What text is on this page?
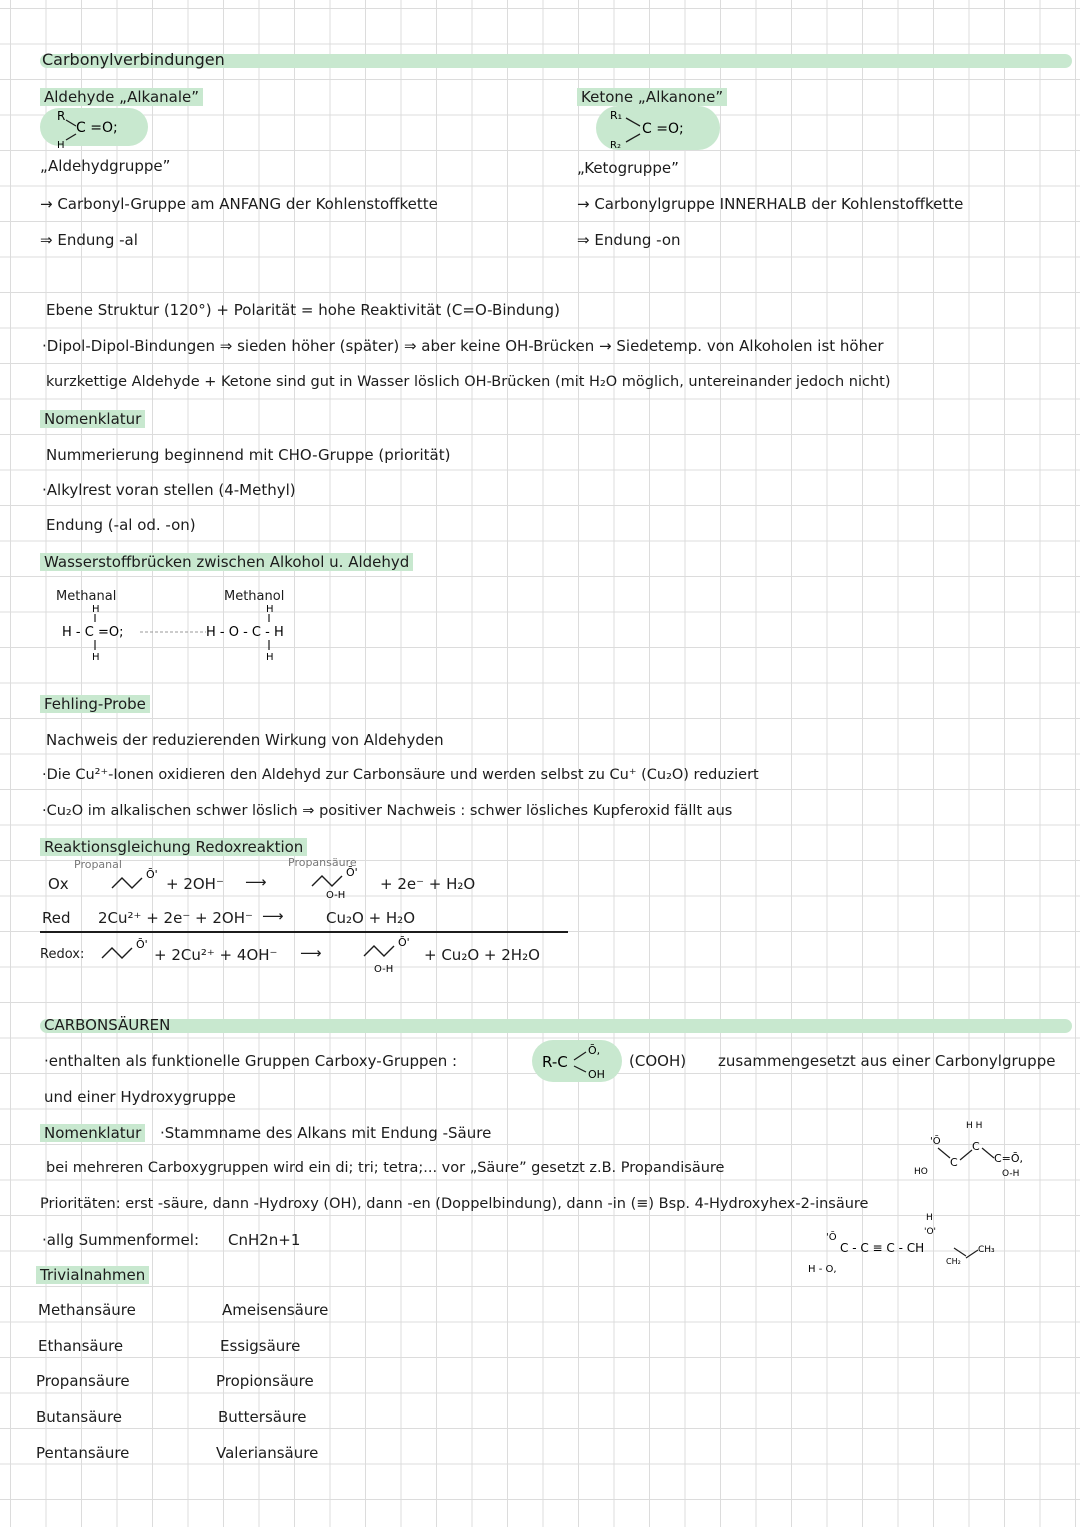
Carbonylverbindungen
Aldehyde „Alkanale”
R
C =O;
H
„Aldehydgruppe”
→ Carbonyl-Gruppe am ANFANG der Kohlenstoffkette
⇒ Endung -al
Ketone „Alkanone”
R₁
C =O;
R₂
„Ketogruppe”
→ Carbonylgruppe INNERHALB der Kohlenstoffkette
⇒ Endung -on
Ebene Struktur (120°) + Polarität = hohe Reaktivität (C=O-Bindung)
·Dipol-Dipol-Bindungen ⇒ sieden höher (später) ⇒ aber keine OH-Brücken → Siedetemp. von Alkoholen ist höher
kurzkettige Aldehyde + Ketone sind gut in Wasser löslich OH-Brücken (mit H₂O möglich, untereinander jedoch nicht)
Nomenklatur
Nummerierung beginnend mit CHO-Gruppe (priorität)
·Alkylrest voran stellen (4-Methyl)
Endung (-al od. -on)
Wasserstoffbrücken zwischen Alkohol u. Aldehyd
Methanal	Methanol
H
H - C =O;
H
H
H - O - C - H
H
Fehling-Probe
Nachweis der reduzierenden Wirkung von Aldehyden
·Die Cu²⁺-Ionen oxidieren den Aldehyd zur Carbonsäure und werden selbst zu Cu⁺ (Cu₂O) reduziert
·Cu₂O im alkalischen schwer löslich ⇒ positiver Nachweis : schwer lösliches Kupferoxid fällt aus
Reaktionsgleichung Redoxreaktion
Propanal	Propansäure
Ox
Ō'
+ 2OH⁻ ⟶
Ō'
O-H
+ 2e⁻ + H₂O
Red 2Cu²⁺ + 2e⁻ + 2OH⁻ ⟶	Cu₂O + H₂O
Redox:
Ō'
+ 2Cu²⁺ + 4OH⁻ ⟶
Ō'
O-H
+ Cu₂O + 2H₂O
CARBONSÄUREN
·enthalten als funktionelle Gruppen Carboxy-Gruppen :	R-C
Ō,
OH
(COOH) zusammengesetzt aus einer Carbonylgruppe
und einer Hydroxygruppe
Nomenklatur ·Stammname des Alkans mit Endung -Säure
bei mehreren Carboxygruppen wird ein di; tri; tetra;... vor „Säure” gesetzt z.B. Propandisäure
H H
'Ō
C
C
C=Ō,
HO	O-H
Prioritäten: erst -säure, dann -Hydroxy (OH), dann -en (Doppelbindung), dann -in (≡) Bsp. 4-Hydroxyhex-2-insäure
H
'O'
'Ō
C - C ≡ C - CH
CH₂
CH₃
H - O,
·allg Summenformel: CnH2n+1
Trivialnahmen
Methansäure	Ameisensäure
Ethansäure	Essigsäure
Propansäure	Propionsäure
Butansäure	Buttersäure
Pentansäure	Valeriansäure
